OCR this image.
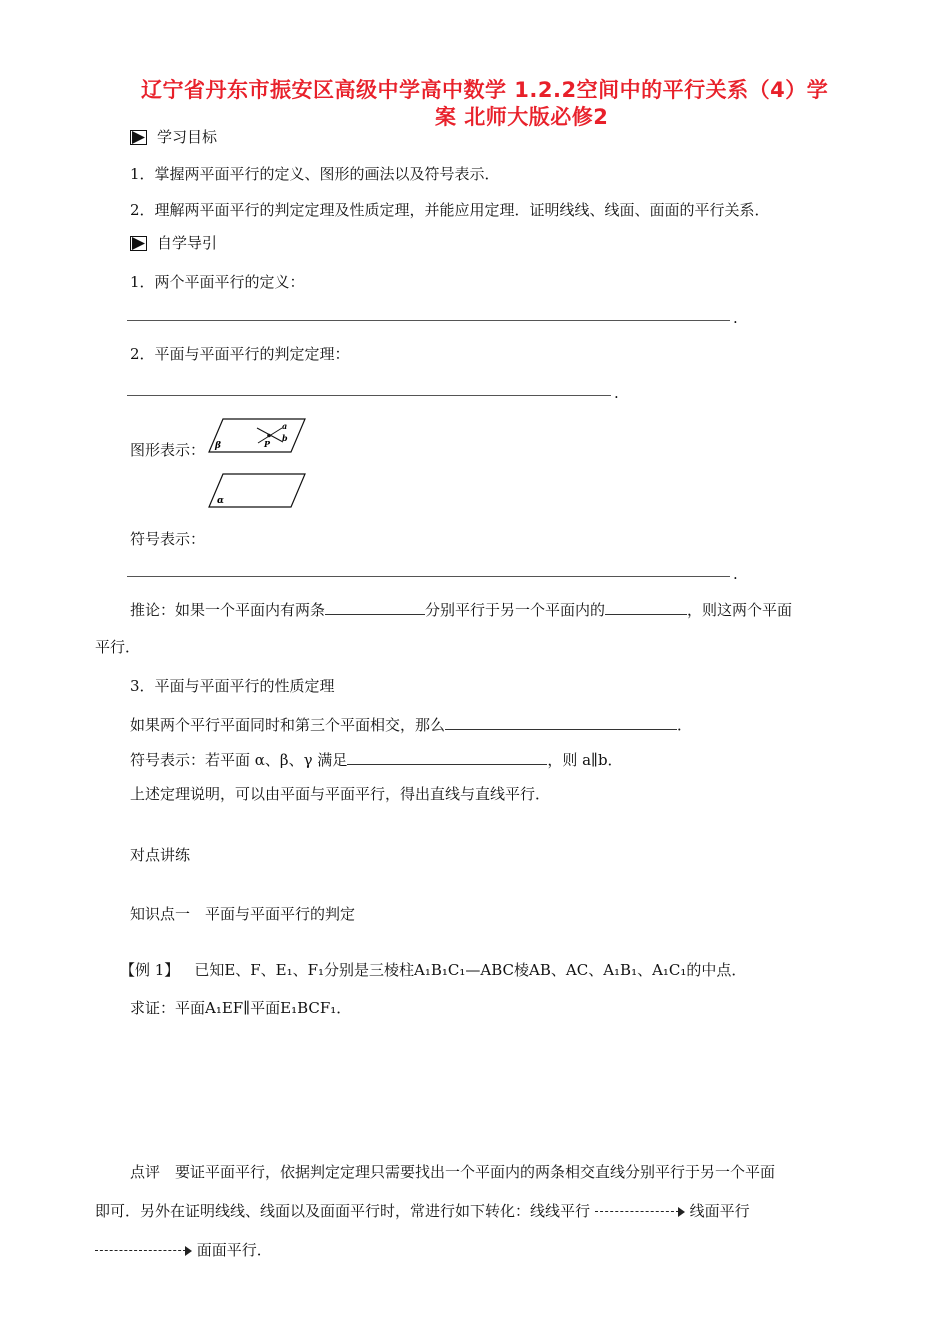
辽宁省丹东市振安区高级中学高中数学 1.2.2空间中的平行关系（4）学
案 北师大版必修2
学习目标
1．掌握两平面平行的定义、图形的画法以及符号表示．
2．理解两平面平行的判定定理及性质定理，并能应用定理．证明线线、线面、面面的平行关系．
自学导引
1．两个平面平行的定义：
.
2．平面与平面平行的判定定理：
.
图形表示： β
a
b
P
α
符号表示：
.
推论：如果一个平面内有两条	分别平行于另一个平面内的	，则这两个平面
平行．
3．平面与平面平行的性质定理
如果两个平行平面同时和第三个平面相交，那么	．
符号表示：若平面 α、β、γ 满足	，则 a∥b．
上述定理说明，可以由平面与平面平行，得出直线与直线平行．
对点讲练
知识点一　平面与平面平行的判定
【例 1】  已知E、F、E₁、F₁分别是三棱柱A₁B₁C₁—ABC棱AB、AC、A₁B₁、A₁C₁的中点．
求证：平面A₁EF∥平面E₁BCF₁．
点评　要证平面平行，依据判定定理只需要找出一个平面内的两条相交直线分别平行于另一个平面
即可．另外在证明线线、线面以及面面平行时，常进行如下转化：线线平行	线面平行
面面平行．
